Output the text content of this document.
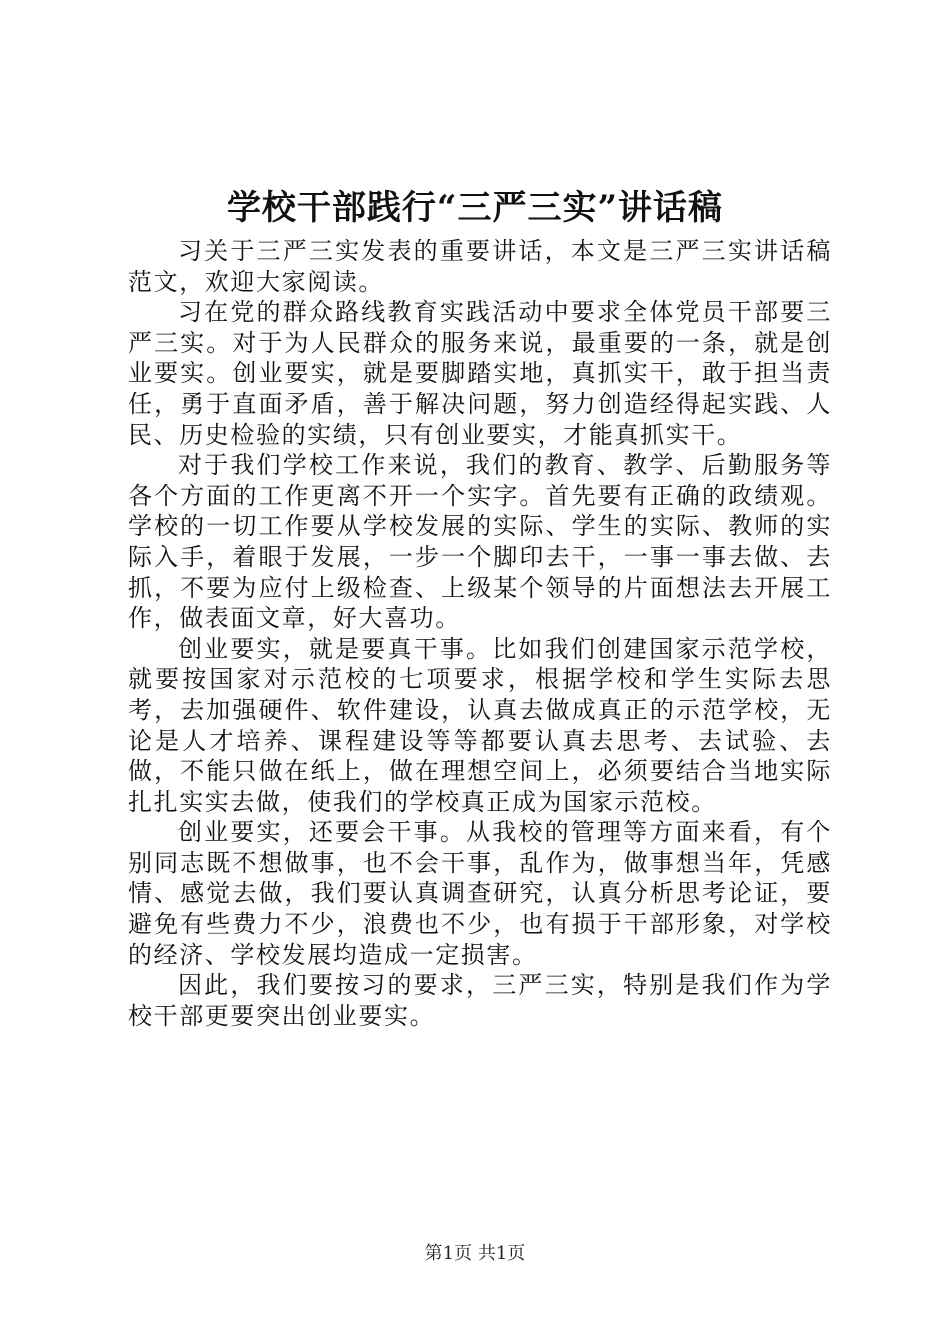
学校干部践行“三严三实”讲话稿

习关于三严三实发表的重要讲话，本文是三严三实讲话稿范文，欢迎大家阅读。

习在党的群众路线教育实践活动中要求全体党员干部要三严三实。对于为人民群众的服务来说，最重要的一条，就是创业要实。创业要实，就是要脚踏实地，真抓实干，敢于担当责任，勇于直面矛盾，善于解决问题，努力创造经得起实践、人民、历史检验的实绩，只有创业要实，才能真抓实干。

对于我们学校工作来说，我们的教育、教学、后勤服务等各个方面的工作更离不开一个实字。首先要有正确的政绩观。学校的一切工作要从学校发展的实际、学生的实际、教师的实际入手，着眼于发展，一步一个脚印去干，一事一事去做、去抓，不要为应付上级检查、上级某个领导的片面想法去开展工作，做表面文章，好大喜功。

创业要实，就是要真干事。比如我们创建国家示范学校，就要按国家对示范校的七项要求，根据学校和学生实际去思考，去加强硬件、软件建设，认真去做成真正的示范学校，无论是人才培养、课程建设等等都要认真去思考、去试验、去做，不能只做在纸上，做在理想空间上，必须要结合当地实际扎扎实实去做，使我们的学校真正成为国家示范校。

创业要实，还要会干事。从我校的管理等方面来看，有个别同志既不想做事，也不会干事，乱作为，做事想当年，凭感情、感觉去做，我们要认真调查研究，认真分析思考论证，要避免有些费力不少，浪费也不少，也有损于干部形象，对学校的经济、学校发展均造成一定损害。

因此，我们要按习的要求，三严三实，特别是我们作为学校干部更要突出创业要实。

第1页 共1页
